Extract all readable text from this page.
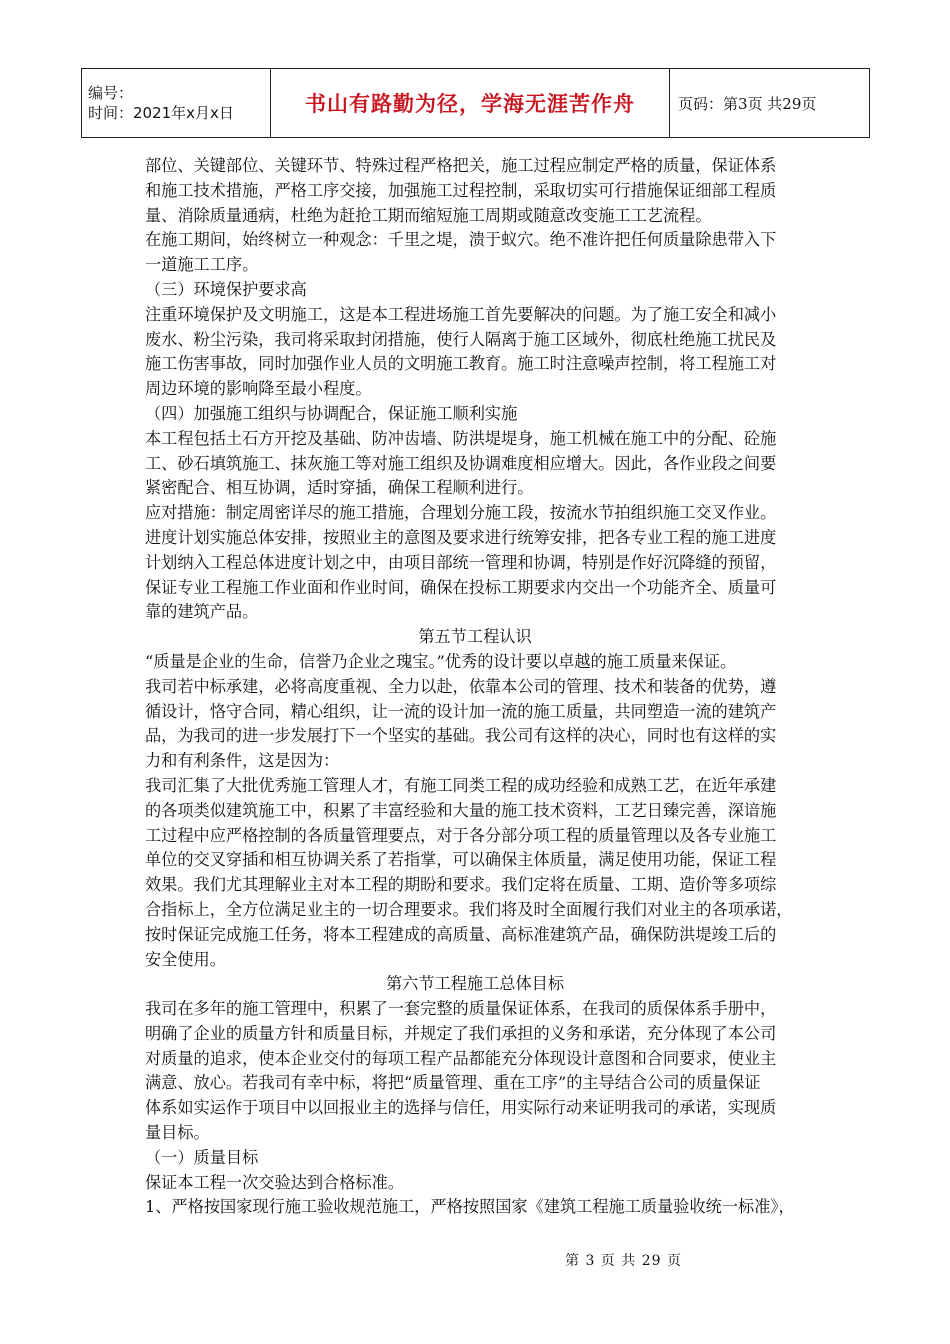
编号：
时间：2021年x月x日	书山有路勤为径，学海无涯苦作舟	页码：第3页 共29页

部位、关键部位、关键环节、特殊过程严格把关，施工过程应制定严格的质量，保证体系

和施工技术措施，严格工序交接，加强施工过程控制，采取切实可行措施保证细部工程质

量、消除质量通病，杜绝为赶抢工期而缩短施工周期或随意改变施工工艺流程。

在施工期间，始终树立一种观念：千里之堤，溃于蚁穴。绝不准许把任何质量除患带入下

一道施工工序。

（三）环境保护要求高

注重环境保护及文明施工，这是本工程进场施工首先要解决的问题。为了施工安全和减小

废水、粉尘污染，我司将采取封闭措施，使行人隔离于施工区域外，彻底杜绝施工扰民及

施工伤害事故，同时加强作业人员的文明施工教育。施工时注意噪声控制，将工程施工对

周边环境的影响降至最小程度。

（四）加强施工组织与协调配合，保证施工顺利实施

本工程包括土石方开挖及基础、防冲齿墙、防洪堤堤身，施工机械在施工中的分配、砼施

工、砂石填筑施工、抹灰施工等对施工组织及协调难度相应增大。因此，各作业段之间要

紧密配合、相互协调，适时穿插，确保工程顺利进行。

应对措施：制定周密详尽的施工措施，合理划分施工段，按流水节拍组织施工交叉作业。

进度计划实施总体安排，按照业主的意图及要求进行统筹安排，把各专业工程的施工进度

计划纳入工程总体进度计划之中，由项目部统一管理和协调，特别是作好沉降缝的预留，

保证专业工程施工作业面和作业时间，确保在投标工期要求内交出一个功能齐全、质量可

靠的建筑产品。

第五节工程认识

“质量是企业的生命，信誉乃企业之瑰宝。”优秀的设计要以卓越的施工质量来保证。

我司若中标承建，必将高度重视、全力以赴，依靠本公司的管理、技术和装备的优势，遵

循设计，恪守合同，精心组织，让一流的设计加一流的施工质量，共同塑造一流的建筑产

品，为我司的进一步发展打下一个坚实的基础。我公司有这样的决心，同时也有这样的实

力和有利条件，这是因为：

我司汇集了大批优秀施工管理人才，有施工同类工程的成功经验和成熟工艺，在近年承建

的各项类似建筑施工中，积累了丰富经验和大量的施工技术资料，工艺日臻完善，深谙施

工过程中应严格控制的各质量管理要点，对于各分部分项工程的质量管理以及各专业施工

单位的交叉穿插和相互协调关系了若指掌，可以确保主体质量，满足使用功能，保证工程

效果。我们尤其理解业主对本工程的期盼和要求。我们定将在质量、工期、造价等多项综

合指标上，全方位满足业主的一切合理要求。我们将及时全面履行我们对业主的各项承诺，

按时保证完成施工任务，将本工程建成的高质量、高标准建筑产品，确保防洪堤竣工后的

安全使用。

第六节工程施工总体目标

我司在多年的施工管理中，积累了一套完整的质量保证体系，在我司的质保体系手册中，

明确了企业的质量方针和质量目标，并规定了我们承担的义务和承诺，充分体现了本公司

对质量的追求，使本企业交付的每项工程产品都能充分体现设计意图和合同要求，使业主

满意、放心。若我司有幸中标，将把“质量管理、重在工序”的主导结合公司的质量保证

体系如实运作于项目中以回报业主的选择与信任，用实际行动来证明我司的承诺，实现质

量目标。

（一）质量目标

保证本工程一次交验达到合格标准。

1、严格按国家现行施工验收规范施工，严格按照国家《建筑工程施工质量验收统一标准》，

第 3 页 共 29 页
